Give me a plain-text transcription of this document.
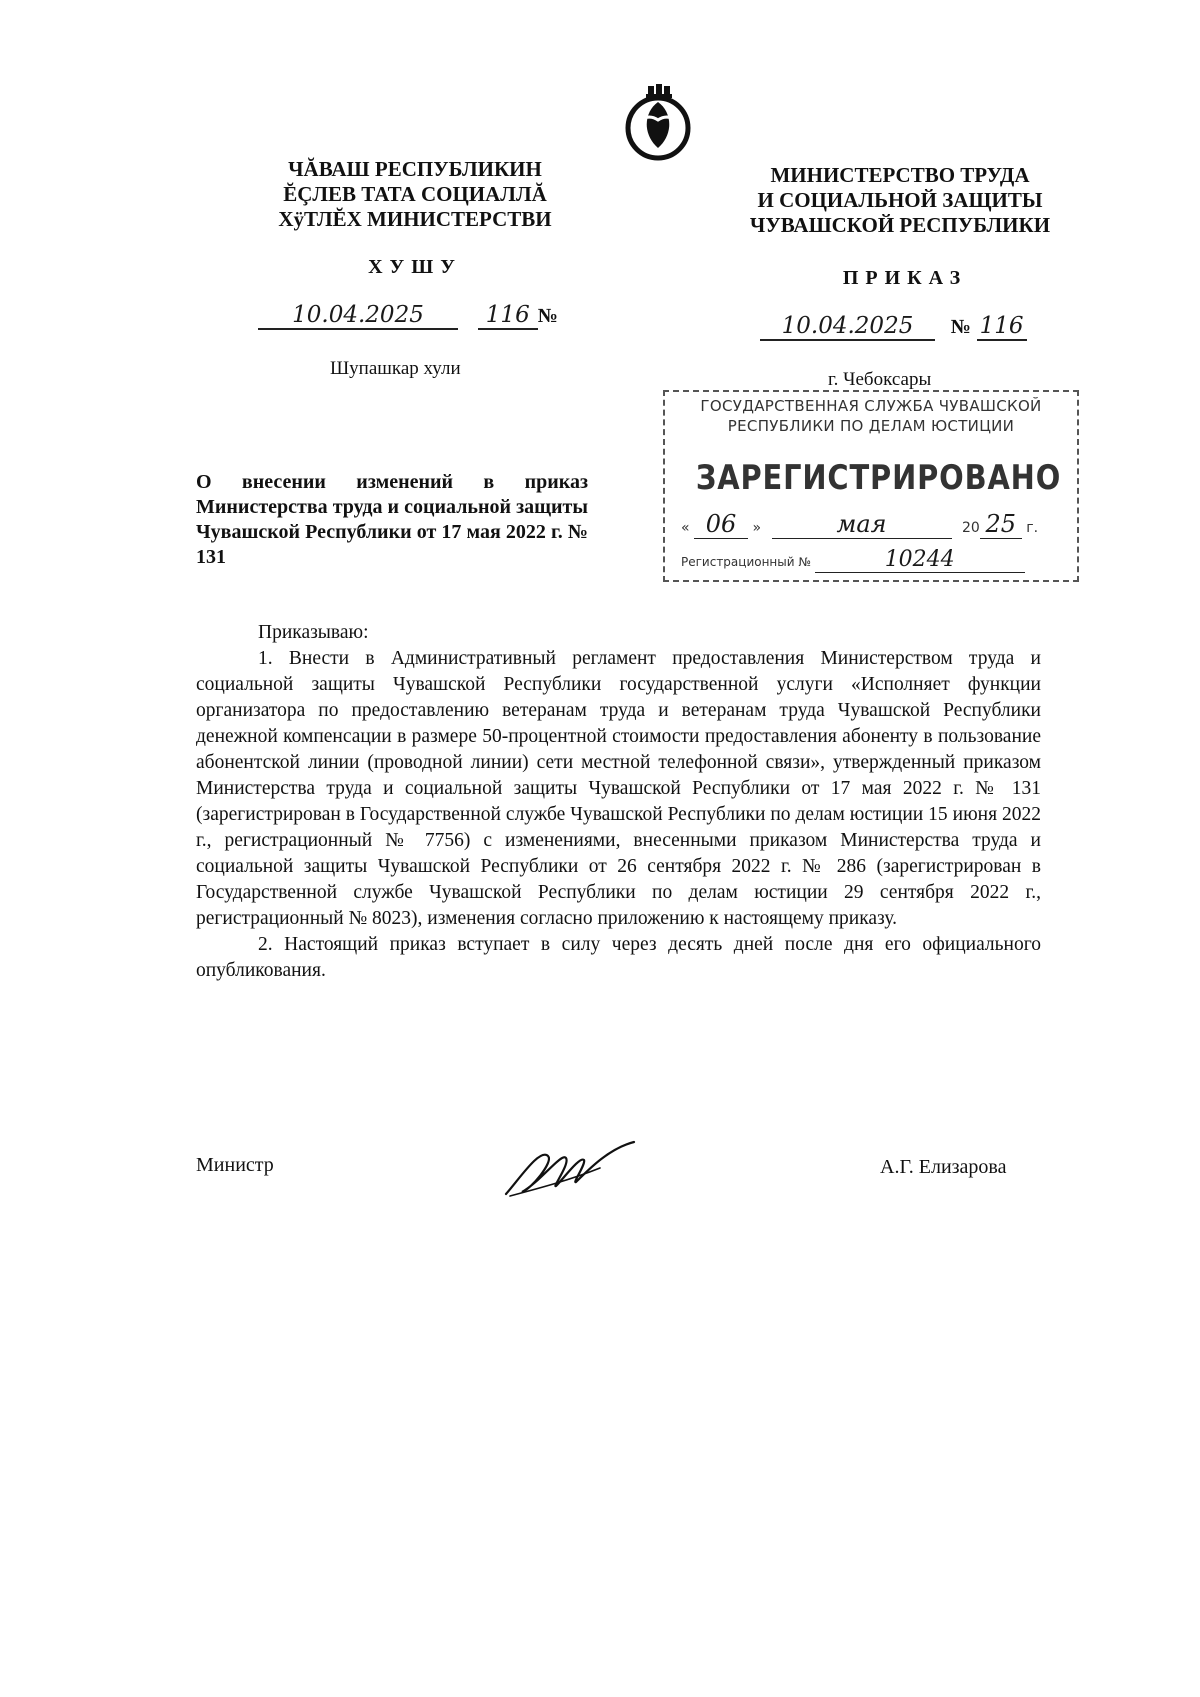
ЧĂВАШ РЕСПУБЛИКИН
ĔÇЛЕВ ТАТА СОЦИАЛЛĂ
ХÿТЛĔХ МИНИСТЕРСТВИ
МИНИСТЕРСТВО ТРУДА
И СОЦИАЛЬНОЙ ЗАЩИТЫ
ЧУВАШСКОЙ РЕСПУБЛИКИ
ХУШУ	ПРИКАЗ
10.04.2025	116 №	10.04.2025 № 116
Шупашкар хули
г. Чебоксары
ГОСУДАРСТВЕННАЯ СЛУЖБА ЧУВАШСКОЙ
РЕСПУБЛИКИ ПО ДЕЛАМ ЮСТИЦИИ
ЗАРЕГИСТРИРОВАНО
« 06 »	мая	20 25 г.
Регистрационный №	10244
О внесении изменений в приказ Министерства труда и социальной защиты Чувашской Республики от 17 мая 2022 г. № 131

Приказываю:

1. Внести в Административный регламент предоставления Министерством труда и социальной защиты Чувашской Республики государственной услуги «Исполняет функции организатора по предоставлению ветеранам труда и ветеранам труда Чувашской Республики денежной компенсации в размере 50-процентной стоимости предоставления абоненту в пользование абонентской линии (проводной линии) сети местной телефонной связи», утвержденный приказом Министерства труда и социальной защиты Чувашской Республики от 17 мая 2022 г. № 131 (зарегистрирован в Государственной службе Чувашской Республики по делам юстиции 15 июня 2022 г., регистрационный № 7756) с изменениями, внесенными приказом Министерства труда и социальной защиты Чувашской Республики от 26 сентября 2022 г. № 286 (зарегистрирован в Государственной службе Чувашской Республики по делам юстиции 29 сентября 2022 г., регистрационный № 8023), изменения согласно приложению к настоящему приказу.

2. Настоящий приказ вступает в силу через десять дней после дня его официального опубликования.

Министр	А.Г. Елизарова
